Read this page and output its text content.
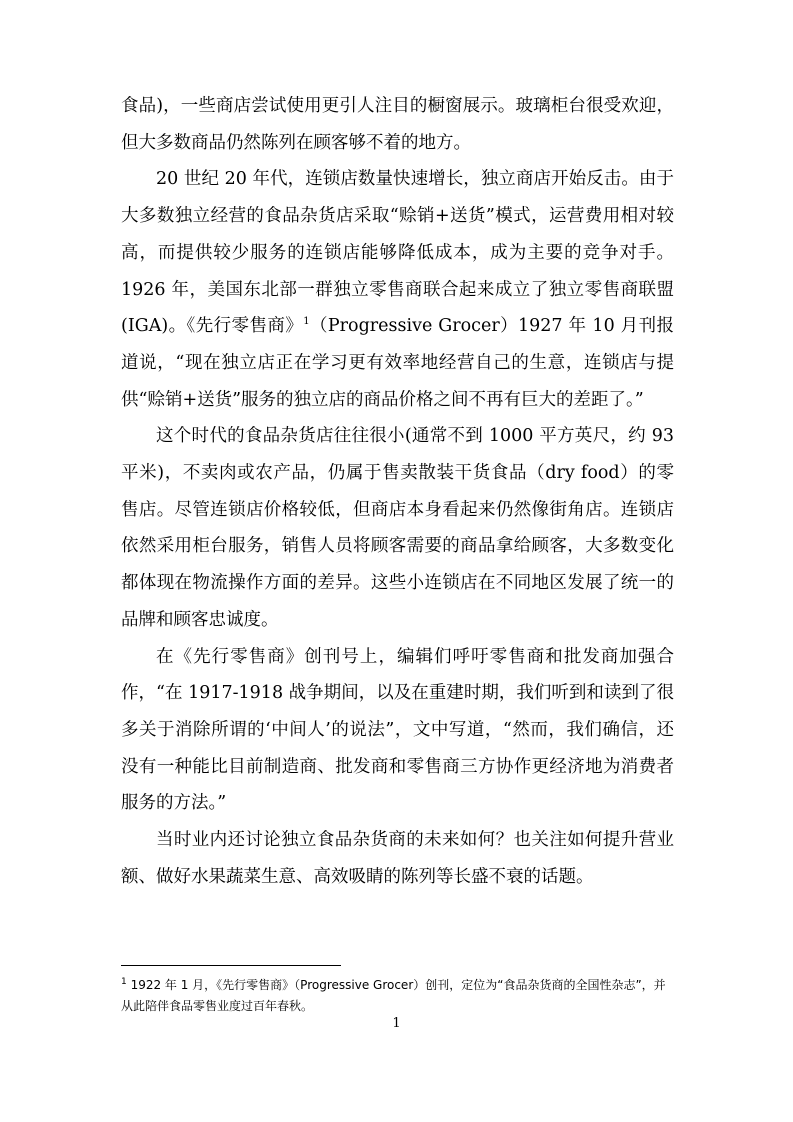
食品)，一些商店尝试使用更引人注目的橱窗展示。玻璃柜台很受欢迎，但大多数商品仍然陈列在顾客够不着的地方。

20 世纪 20 年代，连锁店数量快速增长，独立商店开始反击。由于大多数独立经营的食品杂货店采取“赊销+送货”模式，运营费用相对较高，而提供较少服务的连锁店能够降低成本，成为主要的竞争对手。1926 年，美国东北部一群独立零售商联合起来成立了独立零售商联盟(IGA)。《先行零售商》$^1$（Progressive Grocer）1927 年 10 月刊报道说，“现在独立店正在学习更有效率地经营自己的生意，连锁店与提供“赊销+送货”服务的独立店的商品价格之间不再有巨大的差距了。”

这个时代的食品杂货店往往很小(通常不到 1000 平方英尺，约 93 平米)，不卖肉或农产品，仍属于售卖散装干货食品（dry food）的零售店。尽管连锁店价格较低，但商店本身看起来仍然像街角店。连锁店依然采用柜台服务，销售人员将顾客需要的商品拿给顾客，大多数变化都体现在物流操作方面的差异。这些小连锁店在不同地区发展了统一的品牌和顾客忠诚度。

在《先行零售商》创刊号上，编辑们呼吁零售商和批发商加强合作，“在 1917-1918 战争期间，以及在重建时期，我们听到和读到了很多关于消除所谓的‘中间人’的说法”，文中写道，“然而，我们确信，还没有一种能比目前制造商、批发商和零售商三方协作更经济地为消费者服务的方法。”

当时业内还讨论独立食品杂货商的未来如何？也关注如何提升营业额、做好水果蔬菜生意、高效吸睛的陈列等长盛不衰的话题。

$^1$ 1922 年 1 月，《先行零售商》（Progressive Grocer）创刊，定位为“食品杂货商的全国性杂志”，并从此陪伴食品零售业度过百年春秋。
1
